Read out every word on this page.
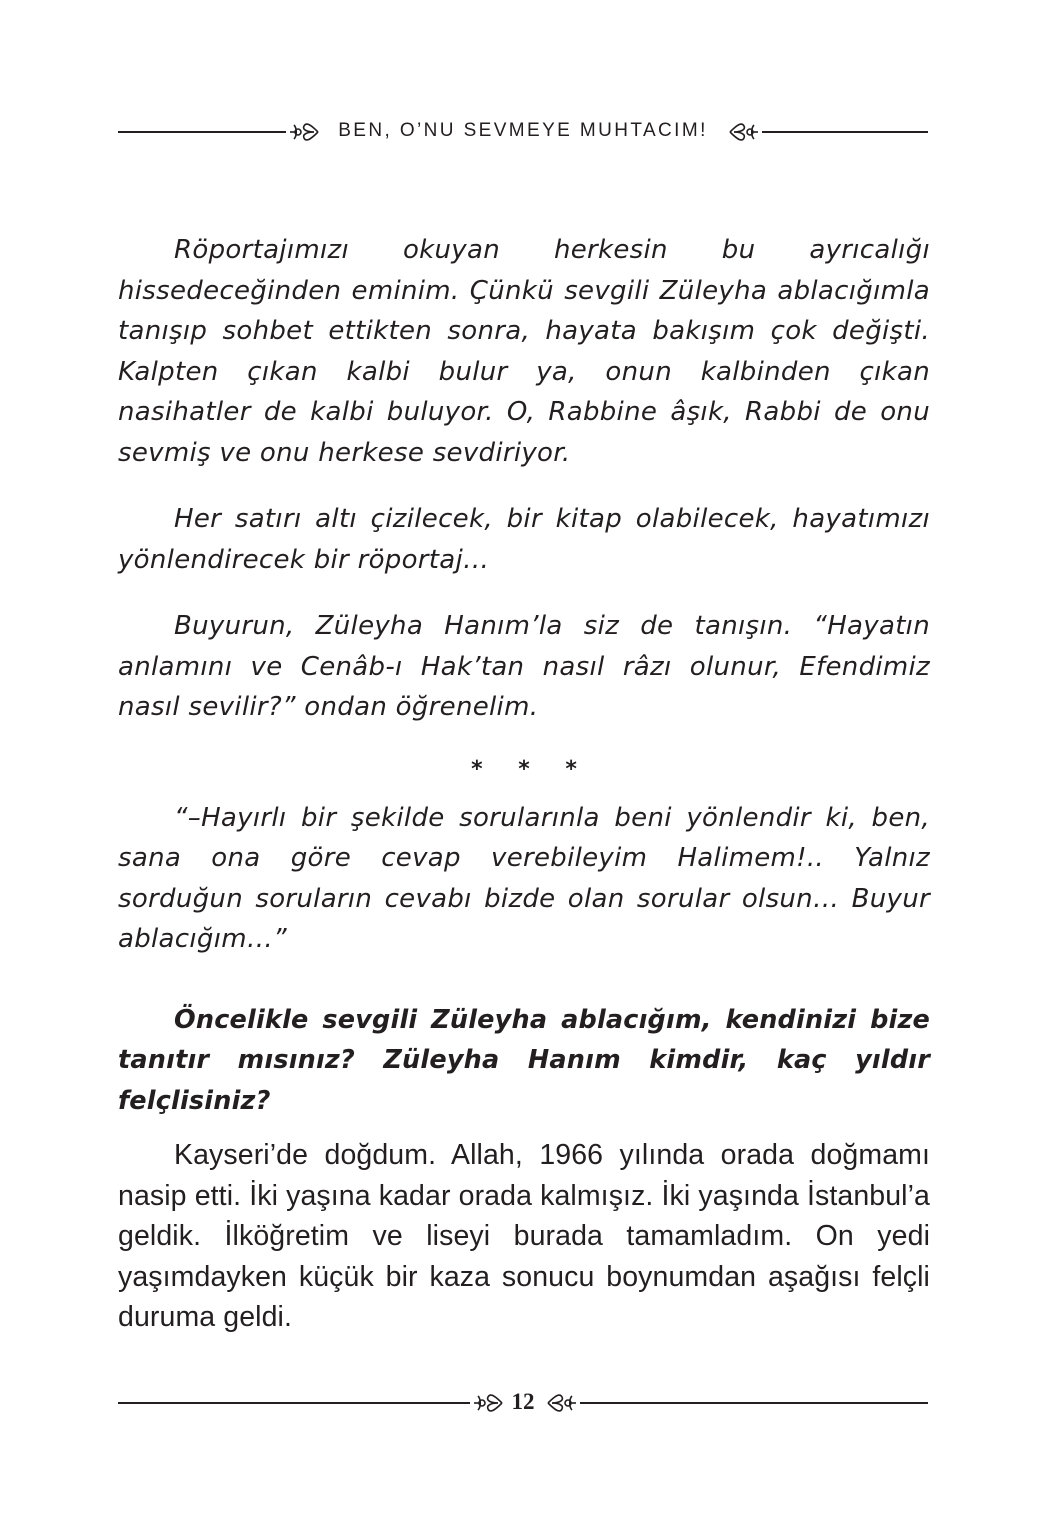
BEN, O’NU SEVMEYE MUHTACIM!

Röportajımızı okuyan herkesin bu ayrıcalığı hissedeceğinden eminim. Çünkü sevgili Züleyha ablacığımla tanışıp sohbet ettikten sonra, hayata bakışım çok değişti. Kalpten çıkan kalbi bulur ya, onun kalbinden çıkan nasihatler de kalbi buluyor. O, Rabbine âşık, Rabbi de onu sevmiş ve onu herkese sevdiriyor.

Her satırı altı çizilecek, bir kitap olabilecek, hayatımızı yönlendirecek bir röportaj…

Buyurun, Züleyha Hanım’la siz de tanışın. “Hayatın anlamını ve Cenâb-ı Hak’tan nasıl râzı olunur, Efendimiz nasıl sevilir?” ondan öğrenelim.

* * *

“–Hayırlı bir şekilde sorularınla beni yönlendir ki, ben, sana ona göre cevap verebileyim Halimem!.. Yalnız sorduğun soruların cevabı bizde olan sorular olsun… Buyur ablacığım…”

Öncelikle sevgili Züleyha ablacığım, kendinizi bize tanıtır mısınız? Züleyha Hanım kimdir, kaç yıldır felçlisiniz?

Kayseri’de doğdum. Allah, 1966 yılında orada doğmamı nasip etti. İki yaşına kadar orada kalmışız. İki yaşında İstanbul’a geldik. İlköğretim ve liseyi burada tamamladım. On yedi yaşımdayken küçük bir kaza sonucu boynumdan aşağısı felçli duruma geldi.

12
